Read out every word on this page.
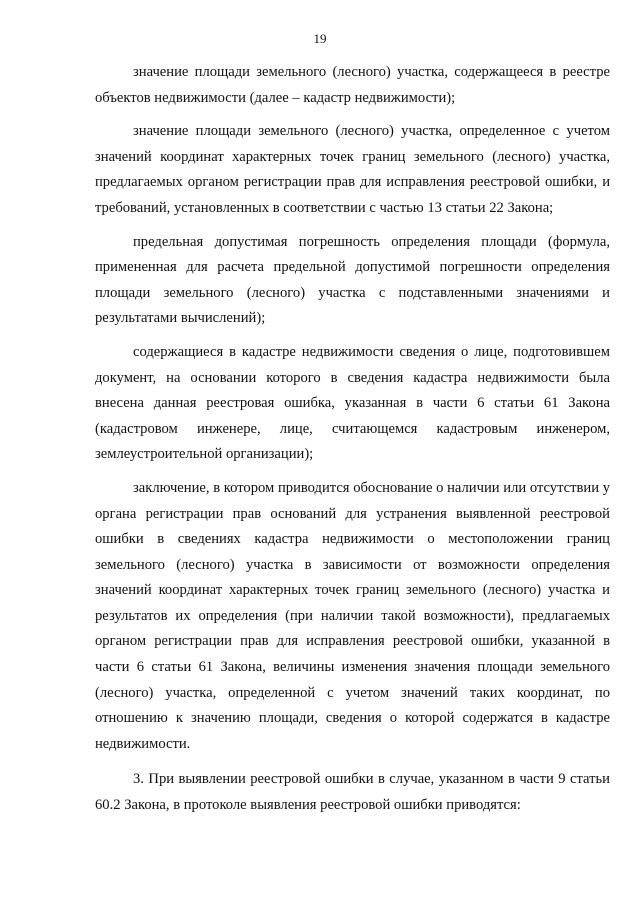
19

значение площади земельного (лесного) участка, содержащееся в реестре объектов недвижимости (далее – кадастр недвижимости);

значение площади земельного (лесного) участка, определенное с учетом значений координат характерных точек границ земельного (лесного) участка, предлагаемых органом регистрации прав для исправления реестровой ошибки, и требований, установленных в соответствии с частью 13 статьи 22 Закона;

предельная допустимая погрешность определения площади (формула, примененная для расчета предельной допустимой погрешности определения площади земельного (лесного) участка с подставленными значениями и результатами вычислений);

содержащиеся в кадастре недвижимости сведения о лице, подготовившем документ, на основании которого в сведения кадастра недвижимости была внесена данная реестровая ошибка, указанная в части 6 статьи 61 Закона (кадастровом инженере, лице, считающемся кадастровым инженером, землеустроительной организации);

заключение, в котором приводится обоснование о наличии или отсутствии у органа регистрации прав оснований для устранения выявленной реестровой ошибки в сведениях кадастра недвижимости о местоположении границ земельного (лесного) участка в зависимости от возможности определения значений координат характерных точек границ земельного (лесного) участка и результатов их определения (при наличии такой возможности), предлагаемых органом регистрации прав для исправления реестровой ошибки, указанной в части 6 статьи 61 Закона, величины изменения значения площади земельного (лесного) участка, определенной с учетом значений таких координат, по отношению к значению площади, сведения о которой содержатся в кадастре недвижимости.

3. При выявлении реестровой ошибки в случае, указанном в части 9 статьи 60.2 Закона, в протоколе выявления реестровой ошибки приводятся:
